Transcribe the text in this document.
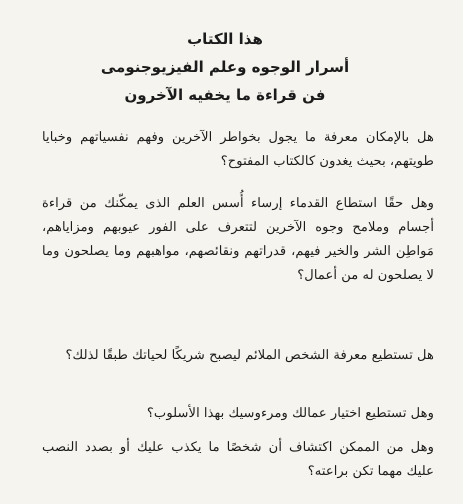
هذا الكتاب
أسرار الوجوه وعلم الفيزيوجنومى
فن قراءة ما يخفيه الآخرون

هل بالإمكان معرفة ما يجول بخواطر الآخرين وفهم نفسياتهم وخبايا طويتهم، بحيث يغدون كالكتاب المفتوح؟

وهل حقًا استطاع القدماء إرساء أُسس العلم الذى يمكّنك من قراءة أجسام وملامح وجوه الآخرين لتتعرف على الفور عيوبهم ومزاياهم، مَواطِن الشر والخير فيهم، قدراتهم ونقائصهم، مواهبهم وما يصلحون وما لا يصلحون له من أعمال؟

هل تستطيع معرفة الشخص الملائم ليصبح شريكًا لحياتك طبقًا لذلك؟

وهل تستطيع اختيار عمالك ومرءوسيك بهذا الأسلوب؟

وهل من الممكن اكتشاف أن شخصًا ما يكذب عليك أو بصدد النصب عليك مهما تكن براعته؟
